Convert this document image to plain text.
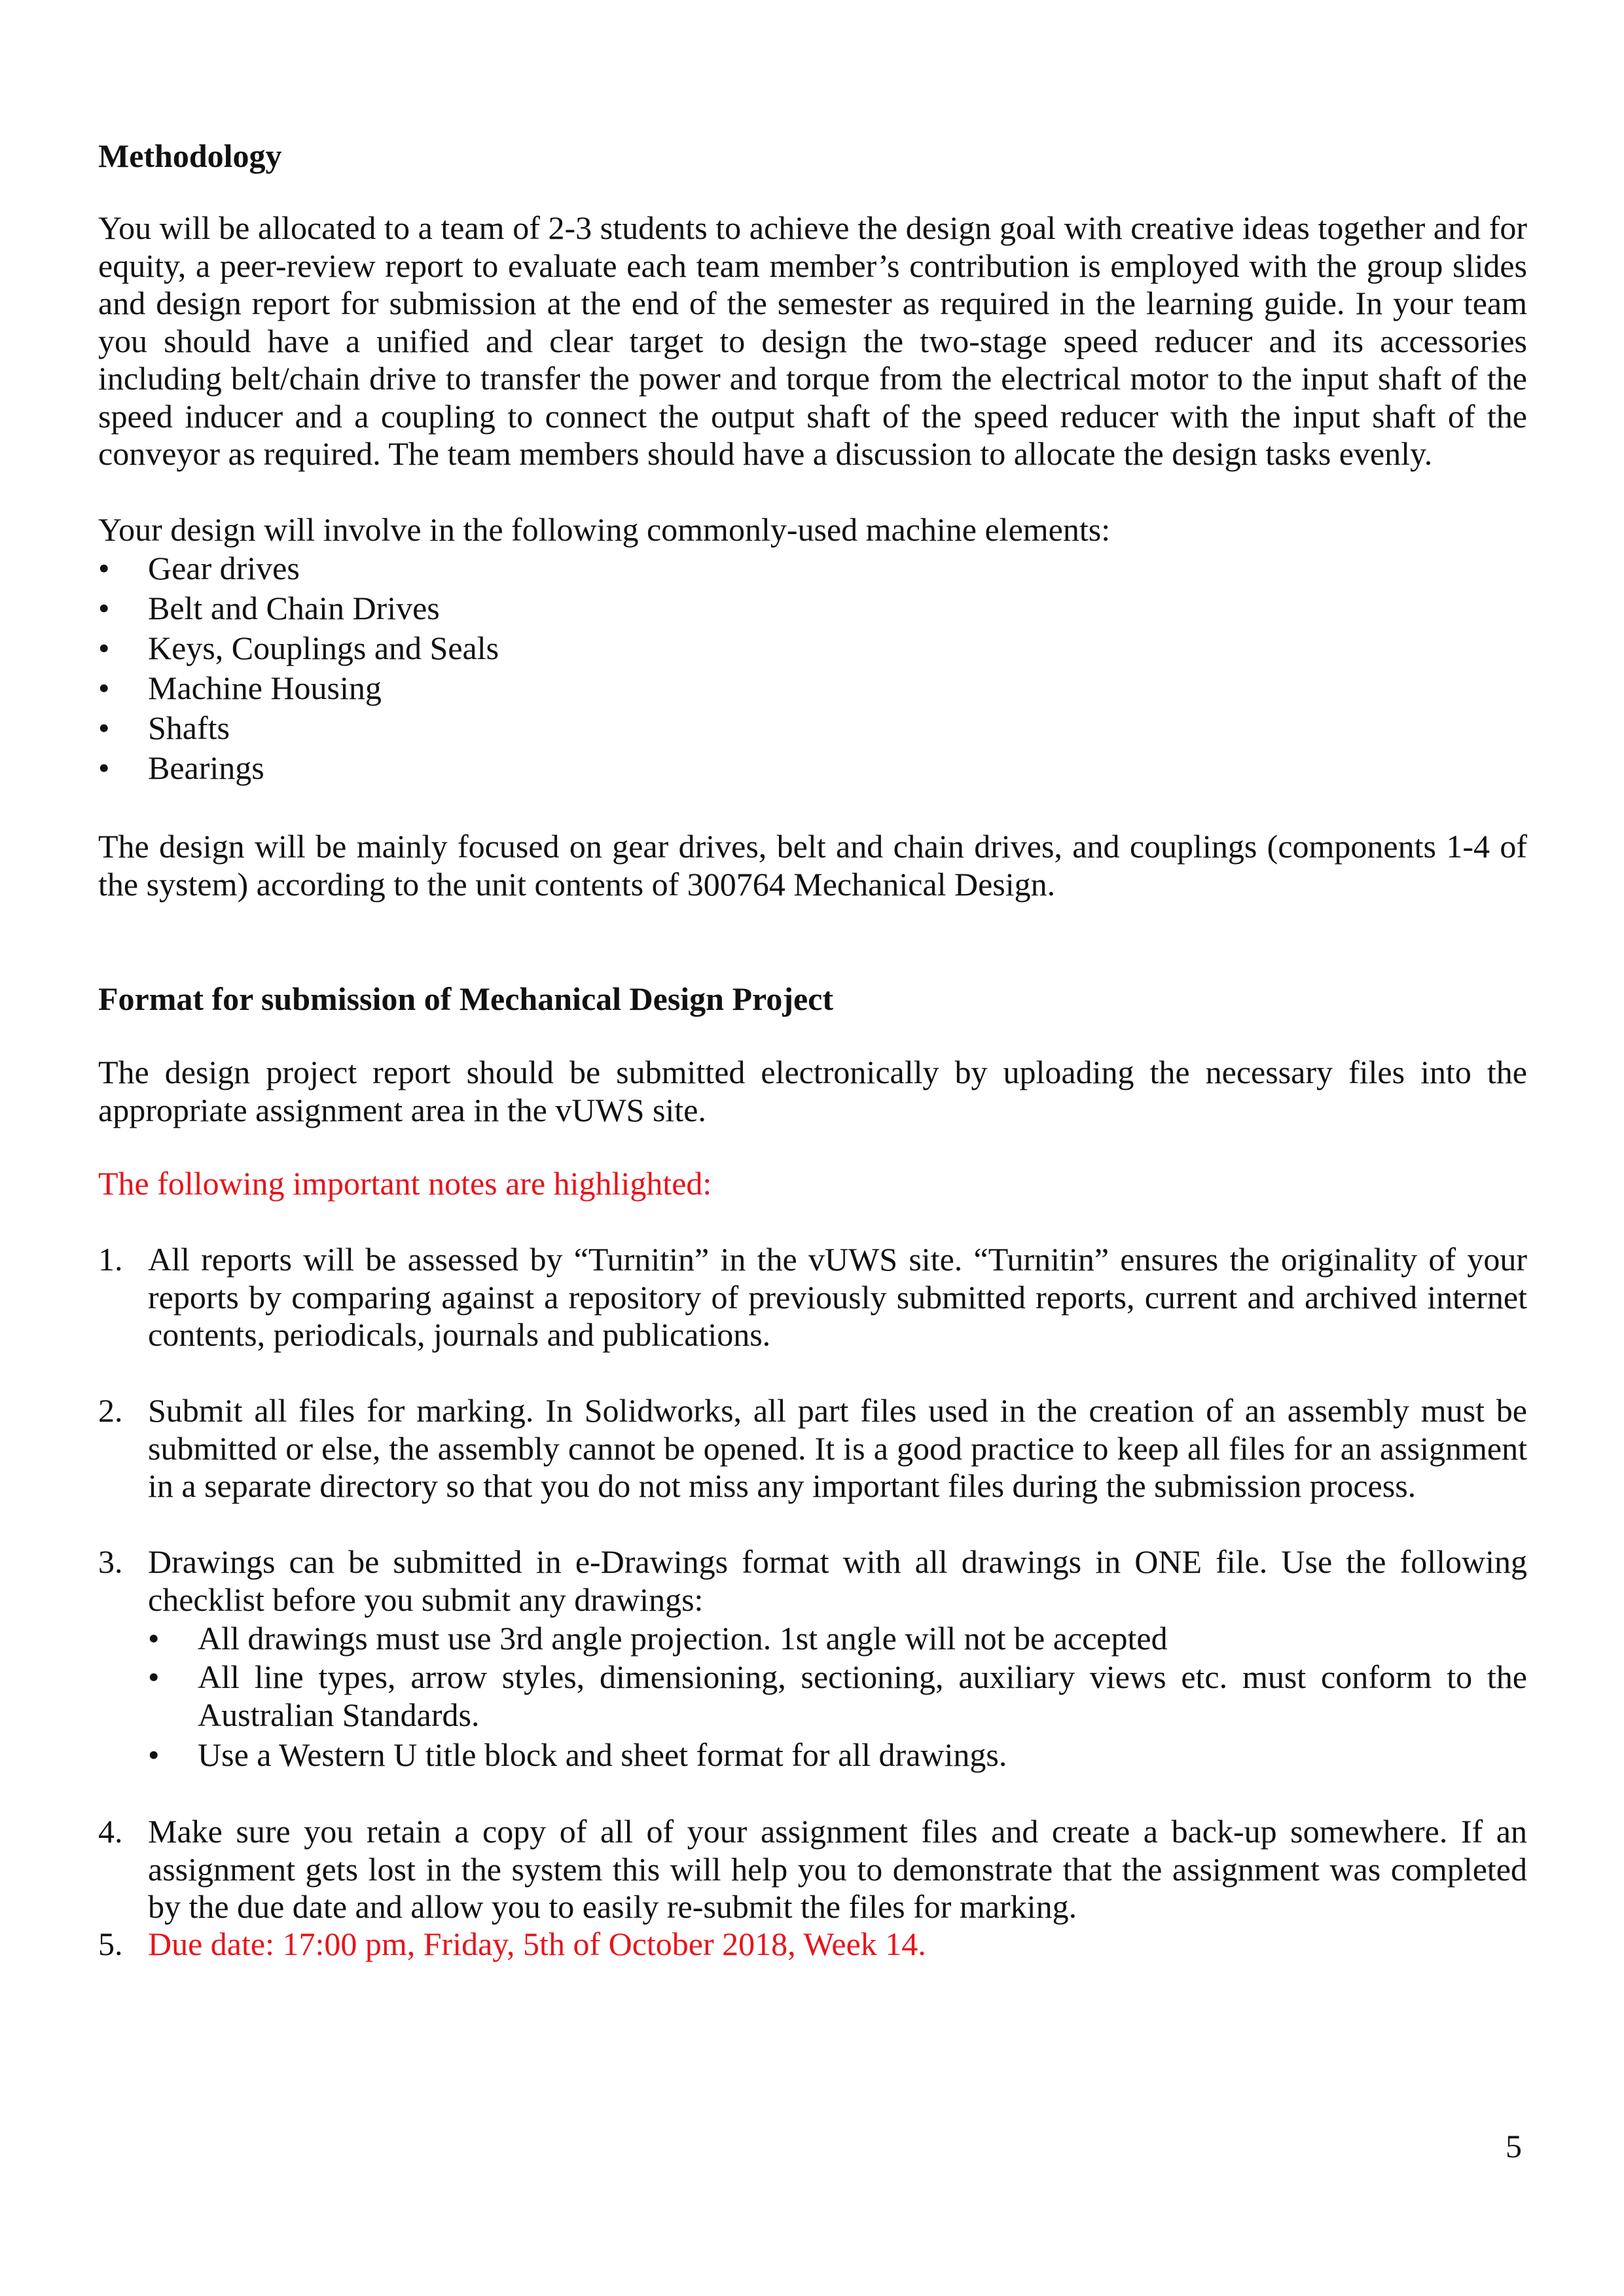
Methodology

You will be allocated to a team of 2-3 students to achieve the design goal with creative ideas together and for equity, a peer-review report to evaluate each team member’s contribution is employed with the group slides and design report for submission at the end of the semester as required in the learning guide. In your team you should have a unified and clear target to design the two-stage speed reducer and its accessories including belt/chain drive to transfer the power and torque from the electrical motor to the input shaft of the speed inducer and a coupling to connect the output shaft of the speed reducer with the input shaft of the conveyor as required. The team members should have a discussion to allocate the design tasks evenly.

Your design will involve in the following commonly-used machine elements:

• Gear drives
• Belt and Chain Drives
• Keys, Couplings and Seals
• Machine Housing
• Shafts
• Bearings

The design will be mainly focused on gear drives, belt and chain drives, and couplings (components 1-4 of the system) according to the unit contents of 300764 Mechanical Design.

Format for submission of Mechanical Design Project

The design project report should be submitted electronically by uploading the necessary files into the appropriate assignment area in the vUWS site.

The following important notes are highlighted:

1. All reports will be assessed by “Turnitin” in the vUWS site. “Turnitin” ensures the originality of your reports by comparing against a repository of previously submitted reports, current and archived internet contents, periodicals, journals and publications.
2. Submit all files for marking. In Solidworks, all part files used in the creation of an assembly must be submitted or else, the assembly cannot be opened. It is a good practice to keep all files for an assignment in a separate directory so that you do not miss any important files during the submission process.
3. Drawings can be submitted in e-Drawings format with all drawings in ONE file. Use the following checklist before you submit any drawings:
• All drawings must use 3rd angle projection. 1st angle will not be accepted
• All line types, arrow styles, dimensioning, sectioning, auxiliary views etc. must conform to the Australian Standards.
• Use a Western U title block and sheet format for all drawings.
4. Make sure you retain a copy of all of your assignment files and create a back-up somewhere. If an assignment gets lost in the system this will help you to demonstrate that the assignment was completed by the due date and allow you to easily re-submit the files for marking.
5. Due date: 17:00 pm, Friday, 5th of October 2018, Week 14.
5
